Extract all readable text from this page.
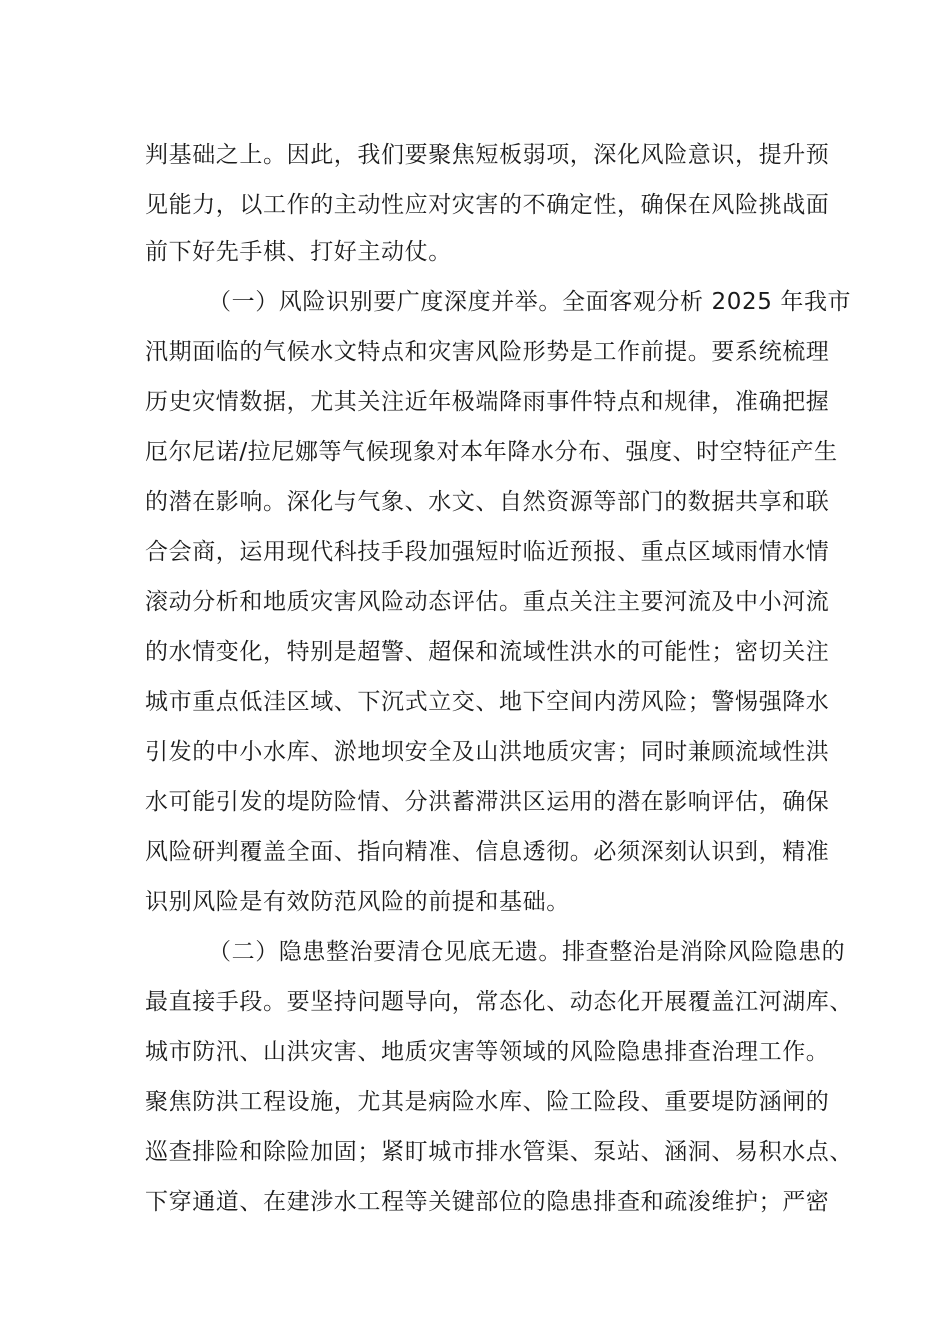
判基础之上。因此，我们要聚焦短板弱项，深化风险意识，提升预
见能力，以工作的主动性应对灾害的不确定性，确保在风险挑战面
前下好先手棋、打好主动仗。
（一）风险识别要广度深度并举。全面客观分析 2025 年我市
汛期面临的气候水文特点和灾害风险形势是工作前提。要系统梳理
历史灾情数据，尤其关注近年极端降雨事件特点和规律，准确把握
厄尔尼诺/拉尼娜等气候现象对本年降水分布、强度、时空特征产生
的潜在影响。深化与气象、水文、自然资源等部门的数据共享和联
合会商，运用现代科技手段加强短时临近预报、重点区域雨情水情
滚动分析和地质灾害风险动态评估。重点关注主要河流及中小河流
的水情变化，特别是超警、超保和流域性洪水的可能性；密切关注
城市重点低洼区域、下沉式立交、地下空间内涝风险；警惕强降水
引发的中小水库、淤地坝安全及山洪地质灾害；同时兼顾流域性洪
水可能引发的堤防险情、分洪蓄滞洪区运用的潜在影响评估，确保
风险研判覆盖全面、指向精准、信息透彻。必须深刻认识到，精准
识别风险是有效防范风险的前提和基础。
（二）隐患整治要清仓见底无遗。排查整治是消除风险隐患的
最直接手段。要坚持问题导向，常态化、动态化开展覆盖江河湖库、
城市防汛、山洪灾害、地质灾害等领域的风险隐患排查治理工作。
聚焦防洪工程设施，尤其是病险水库、险工险段、重要堤防涵闸的
巡查排险和除险加固；紧盯城市排水管渠、泵站、涵洞、易积水点、
下穿通道、在建涉水工程等关键部位的隐患排查和疏浚维护；严密
